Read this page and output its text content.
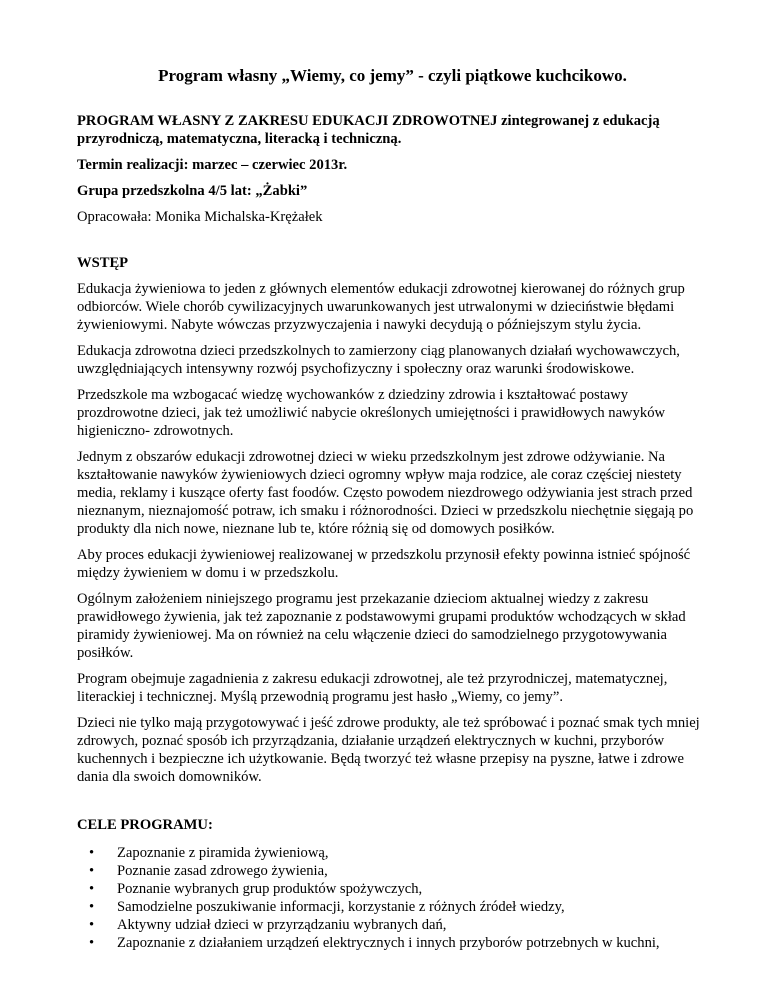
Program własny „Wiemy, co jemy” - czyli piątkowe kuchcikowo.
PROGRAM WŁASNY Z ZAKRESU EDUKACJI ZDROWOTNEJ zintegrowanej z edukacją przyrodniczą, matematyczna, literacką i techniczną.
Termin realizacji: marzec – czerwiec 2013r.
Grupa przedszkolna 4/5 lat: „Żabki”
Opracowała: Monika Michalska-Krężałek
WSTĘP

Edukacja żywieniowa to jeden z głównych elementów edukacji zdrowotnej kierowanej do różnych grup odbiorców. Wiele chorób cywilizacyjnych uwarunkowanych jest utrwalonymi w dzieciństwie błędami żywieniowymi. Nabyte wówczas przyzwyczajenia i nawyki decydują o późniejszym stylu życia.

Edukacja zdrowotna dzieci przedszkolnych to zamierzony ciąg planowanych działań wychowawczych, uwzględniających intensywny rozwój psychofizyczny i społeczny oraz warunki środowiskowe.

Przedszkole ma wzbogacać wiedzę wychowanków z dziedziny zdrowia i kształtować postawy prozdrowotne dzieci, jak też umożliwić nabycie określonych umiejętności i prawidłowych nawyków higieniczno- zdrowotnych.

Jednym z obszarów edukacji zdrowotnej dzieci w wieku przedszkolnym jest zdrowe odżywianie. Na kształtowanie nawyków żywieniowych dzieci ogromny wpływ maja rodzice, ale coraz częściej niestety media, reklamy i kuszące oferty fast foodów. Często powodem niezdrowego odżywiania jest strach przed nieznanym, nieznajomość potraw, ich smaku i różnorodności. Dzieci w przedszkolu niechętnie sięgają po produkty dla nich nowe, nieznane lub te, które różnią się od domowych posiłków.

Aby proces edukacji żywieniowej realizowanej w przedszkolu przynosił efekty powinna istnieć spójność między żywieniem w domu i w przedszkolu.

Ogólnym założeniem niniejszego programu jest przekazanie dzieciom aktualnej wiedzy z zakresu prawidłowego żywienia, jak też zapoznanie z podstawowymi grupami produktów wchodzących w skład piramidy żywieniowej. Ma on również na celu włączenie dzieci do samodzielnego przygotowywania posiłków.

Program obejmuje zagadnienia z zakresu edukacji zdrowotnej, ale też przyrodniczej, matematycznej, literackiej i technicznej. Myślą przewodnią programu jest hasło „Wiemy, co jemy”.

Dzieci nie tylko mają przygotowywać i jeść zdrowe produkty, ale też spróbować i poznać smak tych mniej zdrowych, poznać sposób ich przyrządzania, działanie urządzeń elektrycznych w kuchni, przyborów kuchennych i bezpieczne ich użytkowanie. Będą tworzyć też własne przepisy na pyszne, łatwe i zdrowe dania dla swoich domowników.

CELE PROGRAMU:
• Zapoznanie z piramida żywieniową,
• Poznanie zasad zdrowego żywienia,
• Poznanie wybranych grup produktów spożywczych,
• Samodzielne poszukiwanie informacji, korzystanie z różnych źródeł wiedzy,
• Aktywny udział dzieci w przyrządzaniu wybranych dań,
• Zapoznanie z działaniem urządzeń elektrycznych i innych przyborów potrzebnych w kuchni,
